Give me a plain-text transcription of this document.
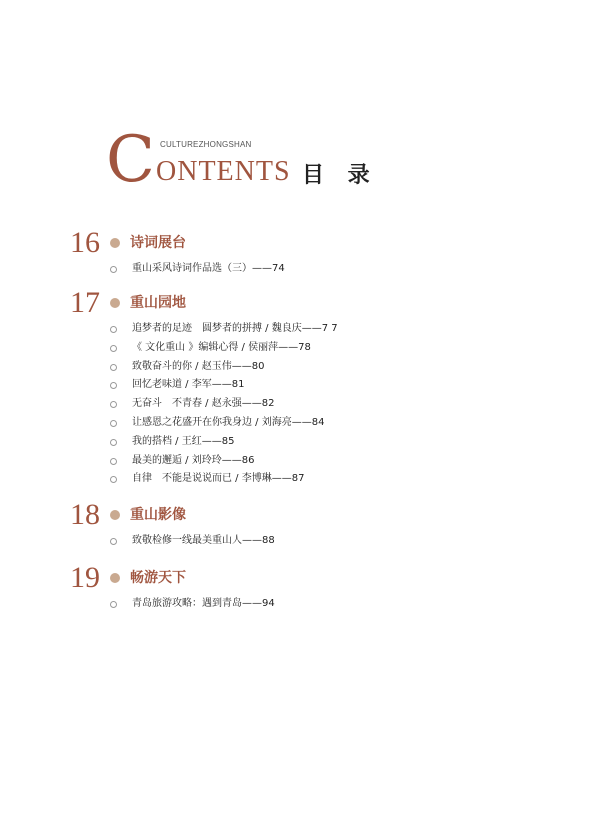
C CULTUREZHONGSHAN
ONTENTS 目 录
16 诗词展台
重山采风诗词作品选（三）——74
17 重山园地
追梦者的足迹　圆梦者的拼搏 / 魏良庆——7 7
《 文化重山 》编辑心得 / 侯丽萍——78
致敬奋斗的你 / 赵玉伟——80
回忆老味道 / 李军——81
无奋斗　不青春 / 赵永强——82
让感恩之花盛开在你我身边 / 刘海亮——84
我的搭档 / 王红——85
最美的邂逅 / 刘玲玲——86
自律　不能是说说而已 / 李博琳——87
18 重山影像
致敬检修一线最美重山人——88
19 畅游天下
青岛旅游攻略：遇到青岛——94
